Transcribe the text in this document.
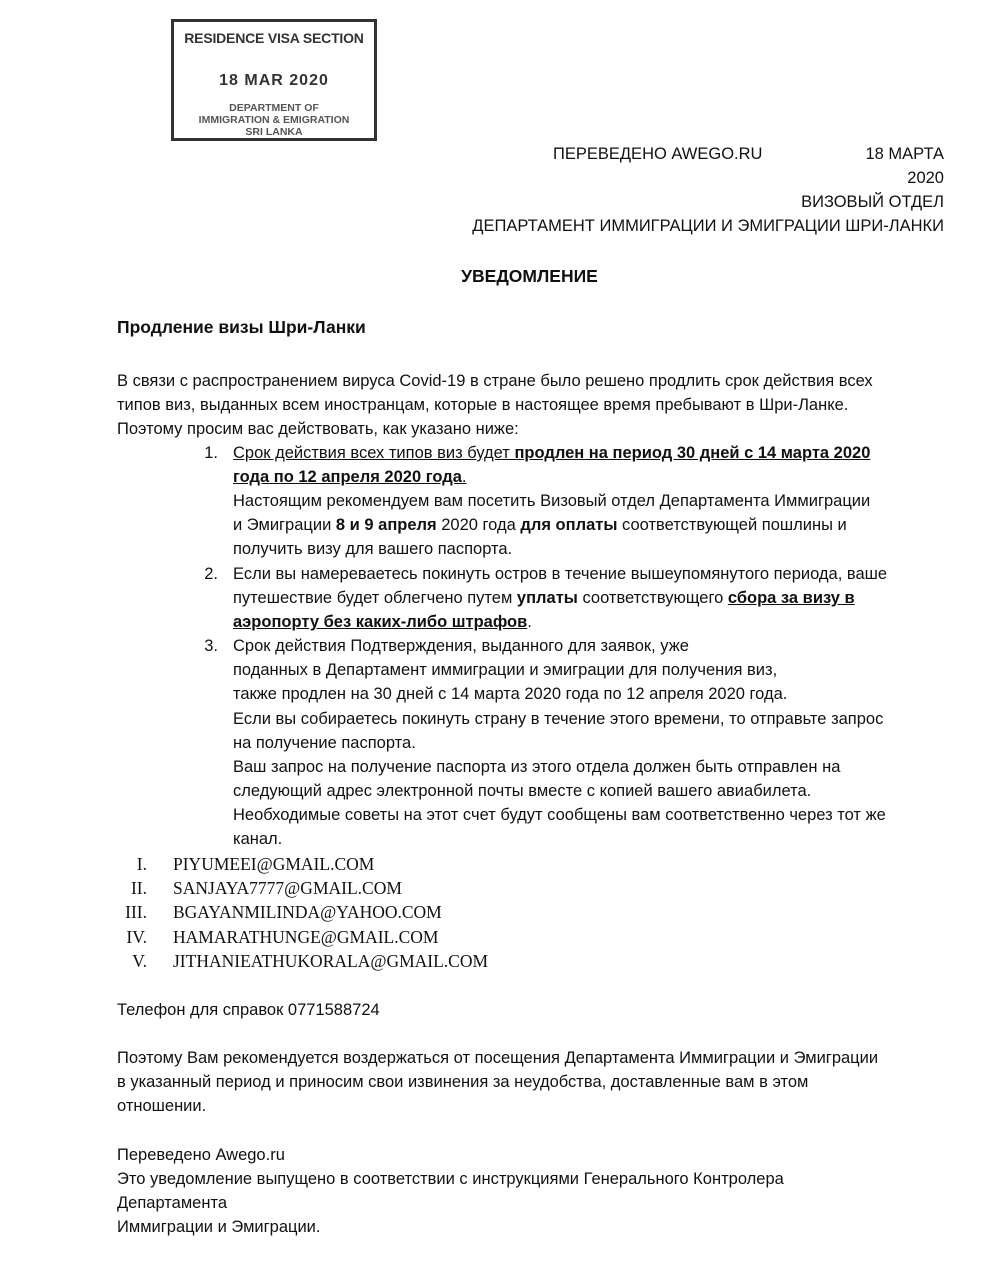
RESIDENCE VISA SECTION
18 MAR 2020
DEPARTMENT OF
IMMIGRATION & EMIGRATION
SRI LANKA
ПЕРЕВЕДЕНО AWEGO.RU	18 МАРТА
2020
ВИЗОВЫЙ ОТДЕЛ
ДЕПАРТАМЕНТ ИММИГРАЦИИ И ЭМИГРАЦИИ ШРИ-ЛАНКИ
УВЕДОМЛЕНИЕ
Продление визы Шри-Ланки
В связи с распространением вируса Covid-19 в стране было решено продлить срок действия всех
типов виз, выданных всем иностранцам, которые в настоящее время пребывают в Шри-Ланке.
Поэтому просим вас действовать, как указано ниже:
1. Срок действия всех типов виз будет продлен на период 30 дней с 14 марта 2020
года по 12 апреля 2020 года.
Настоящим рекомендуем вам посетить Визовый отдел Департамента Иммиграции
и Эмиграции 8 и 9 апреля 2020 года для оплаты соответствующей пошлины и
получить визу для вашего паспорта.
2. Если вы намереваетесь покинуть остров в течение вышеупомянутого периода, ваше
путешествие будет облегчено путем уплаты соответствующего сбора за визу в
аэропорту без каких-либо штрафов.
3. Срок действия Подтверждения, выданного для заявок, уже
поданных в Департамент иммиграции и эмиграции для получения виз,
также продлен на 30 дней с 14 марта 2020 года по 12 апреля 2020 года.
Если вы собираетесь покинуть страну в течение этого времени, то отправьте запрос
на получение паспорта.
Ваш запрос на получение паспорта из этого отдела должен быть отправлен на
следующий адрес электронной почты вместе с копией вашего авиабилета.
Необходимые советы на этот счет будут сообщены вам соответственно через тот же
канал.
I. PIYUMEEI@GMAIL.COM
II. SANJAYA7777@GMAIL.COM
III. BGAYANMILINDA@YAHOO.COM
IV. HAMARATHUNGE@GMAIL.COM
V. JITHANIEATHUKORALA@GMAIL.COM
Телефон для справок 0771588724
Поэтому Вам рекомендуется воздержаться от посещения Департамента Иммиграции и Эмиграции
в указанный период и приносим свои извинения за неудобства, доставленные вам в этом
отношении.
Переведено Awego.ru
Это уведомление выпущено в соответствии с инструкциями Генерального Контролера
Департамента
Иммиграции и Эмиграции.
